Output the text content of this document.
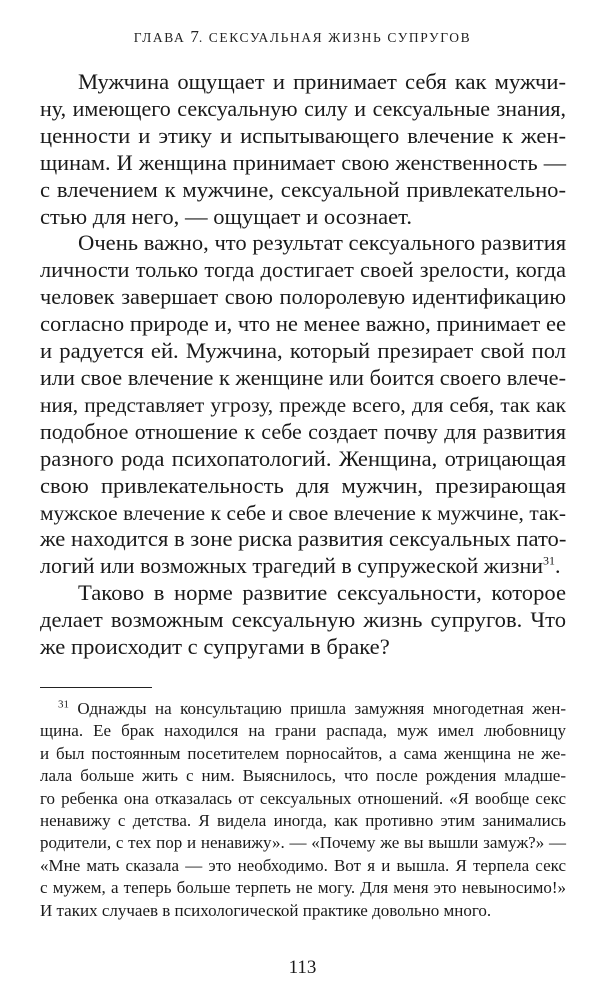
ГЛАВА 7. СЕКСУАЛЬНАЯ ЖИЗНЬ СУПРУГОВ
Мужчина ощущает и принимает себя как мужчи-
ну, имеющего сексуальную силу и сексуальные знания,
ценности и этику и испытывающего влечение к жен-
щинам. И женщина принимает свою женственность —
с влечением к мужчине, сексуальной привлекательно-
стью для него, — ощущает и осознает.
Очень важно, что результат сексуального развития
личности только тогда достигает своей зрелости, когда
человек завершает свою полоролевую идентификацию
согласно природе и, что не менее важно, принимает ее
и радуется ей. Мужчина, который презирает свой пол
или свое влечение к женщине или боится своего влече-
ния, представляет угрозу, прежде всего, для себя, так как
подобное отношение к себе создает почву для развития
разного рода психопатологий. Женщина, отрицающая
свою привлекательность для мужчин, презирающая
мужское влечение к себе и свое влечение к мужчине, так-
же находится в зоне риска развития сексуальных пато-
логий или возможных трагедий в супружеской жизни$^{31}$.
Таково в норме развитие сексуальности, которое
делает возможным сексуальную жизнь супругов. Что
же происходит с супругами в браке?
$^{31}$ Однажды на консультацию пришла замужняя многодетная жен-
щина. Ее брак находился на грани распада, муж имел любовницу
и был постоянным посетителем порносайтов, а сама женщина не же-
лала больше жить с ним. Выяснилось, что после рождения младше-
го ребенка она отказалась от сексуальных отношений. «Я вообще секс
ненавижу с детства. Я видела иногда, как противно этим занимались
родители, с тех пор и ненавижу». — «Почему же вы вышли замуж?» —
«Мне мать сказала — это необходимо. Вот я и вышла. Я терпела секс
с мужем, а теперь больше терпеть не могу. Для меня это невыносимо!»
И таких случаев в психологической практике довольно много.
113
